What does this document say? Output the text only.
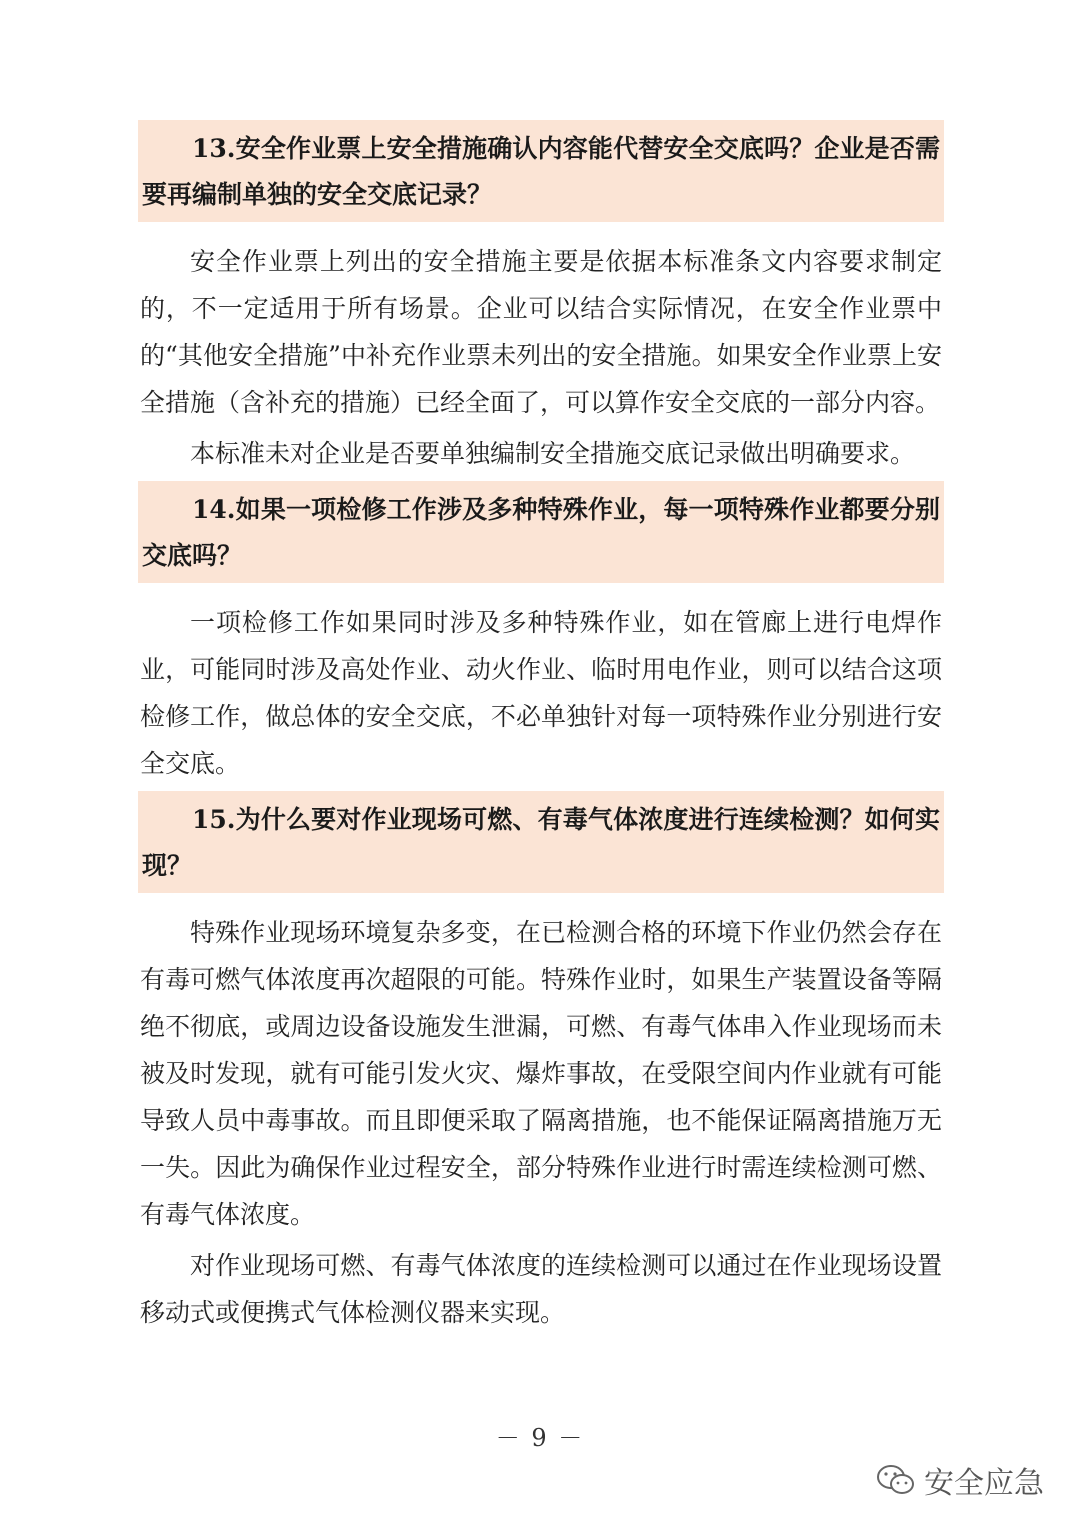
13.安全作业票上安全措施确认内容能代替安全交底吗？企业是否需要再编制单独的安全交底记录？

安全作业票上列出的安全措施主要是依据本标准条文内容要求制定的，不一定适用于所有场景。企业可以结合实际情况，在安全作业票中的“其他安全措施”中补充作业票未列出的安全措施。如果安全作业票上安全措施（含补充的措施）已经全面了，可以算作安全交底的一部分内容。

本标准未对企业是否要单独编制安全措施交底记录做出明确要求。

14.如果一项检修工作涉及多种特殊作业，每一项特殊作业都要分别交底吗？

一项检修工作如果同时涉及多种特殊作业，如在管廊上进行电焊作业，可能同时涉及高处作业、动火作业、临时用电作业，则可以结合这项检修工作，做总体的安全交底，不必单独针对每一项特殊作业分别进行安全交底。

15.为什么要对作业现场可燃、有毒气体浓度进行连续检测？如何实现？

特殊作业现场环境复杂多变，在已检测合格的环境下作业仍然会存在有毒可燃气体浓度再次超限的可能。特殊作业时，如果生产装置设备等隔绝不彻底，或周边设备设施发生泄漏，可燃、有毒气体串入作业现场而未被及时发现，就有可能引发火灾、爆炸事故，在受限空间内作业就有可能导致人员中毒事故。而且即便采取了隔离措施，也不能保证隔离措施万无一失。因此为确保作业过程安全，部分特殊作业进行时需连续检测可燃、有毒气体浓度。

对作业现场可燃、有毒气体浓度的连续检测可以通过在作业现场设置移动式或便携式气体检测仪器来实现。

－ 9 －
安全应急
